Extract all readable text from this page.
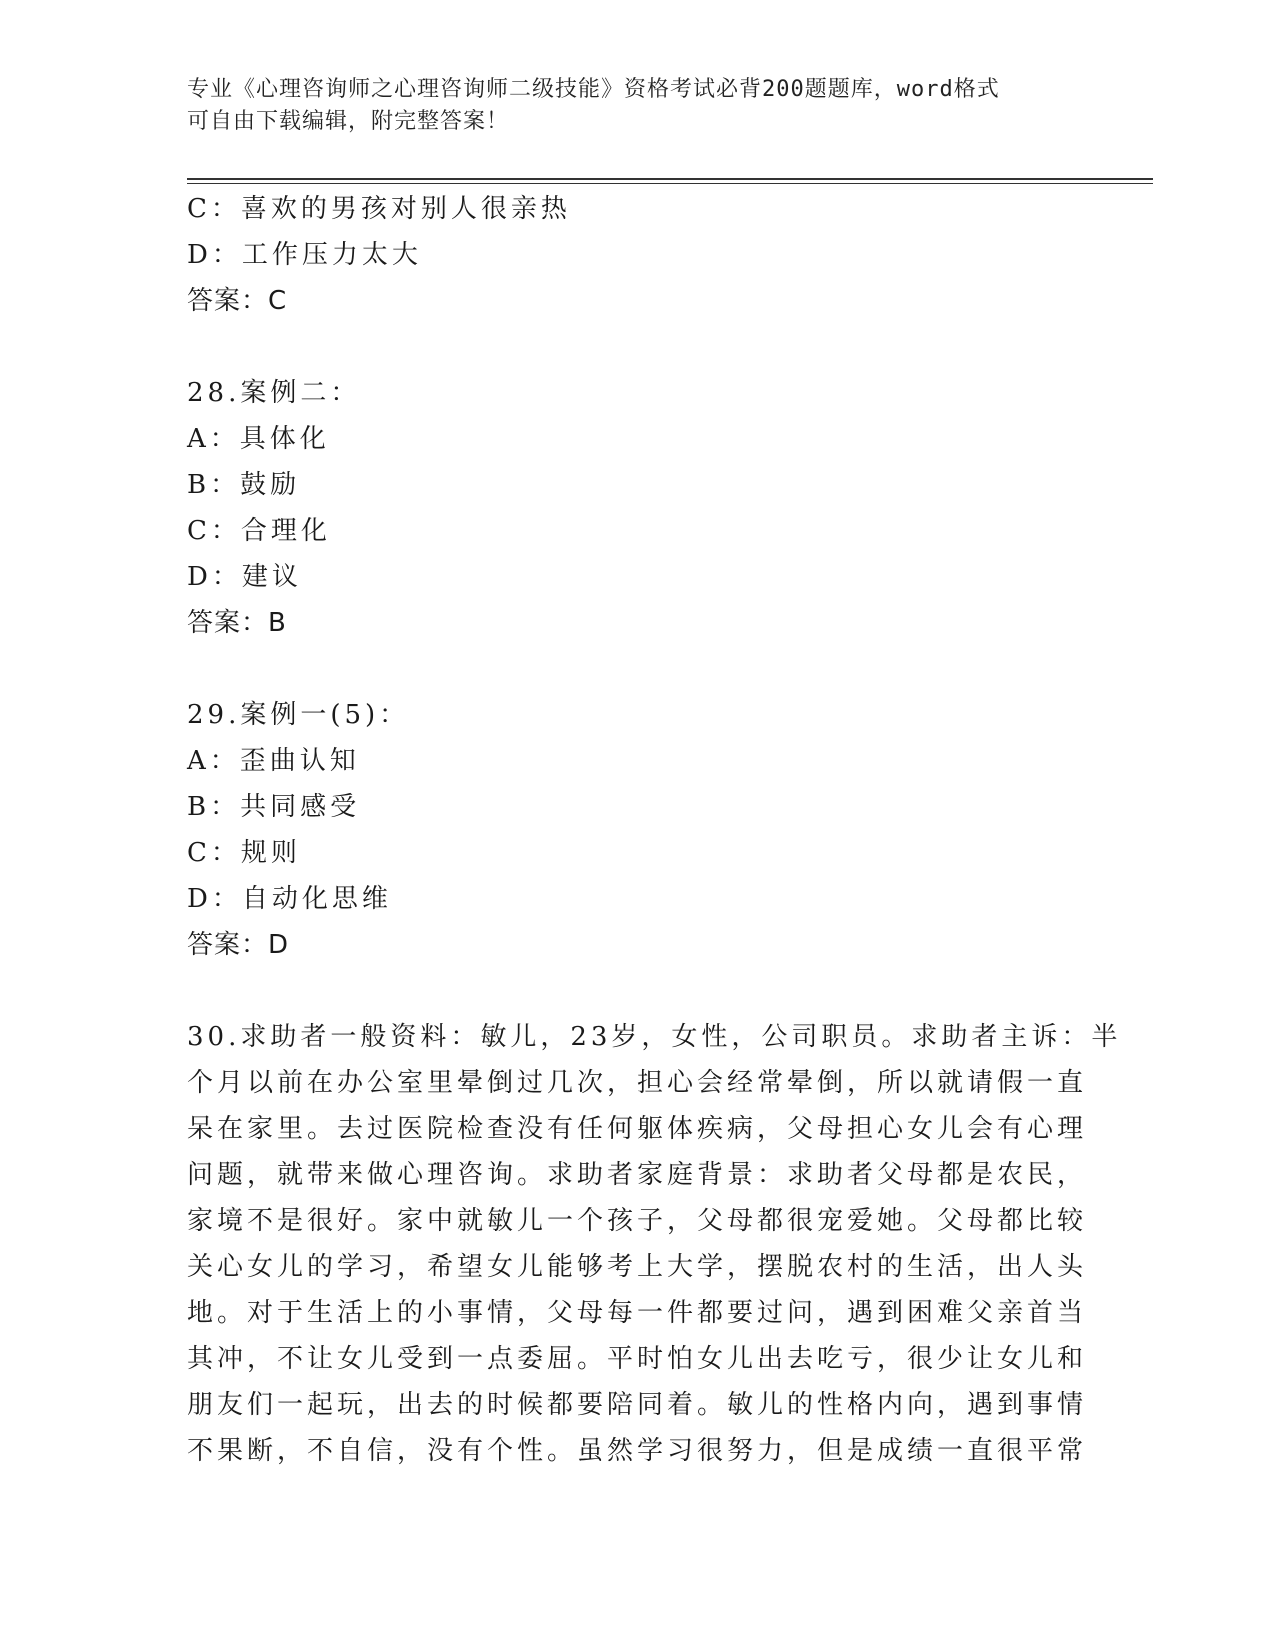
专业《心理咨询师之心理咨询师二级技能》资格考试必背200题题库，word格式
可自由下载编辑，附完整答案！
C：喜欢的男孩对别人很亲热
D：工作压力太大
答案：C
28.案例二：
A：具体化
B：鼓励
C：合理化
D：建议
答案：B
29.案例一(5)：
A：歪曲认知
B：共同感受
C：规则
D：自动化思维
答案：D
30.求助者一般资料：敏儿，23岁，女性，公司职员。求助者主诉：半
个月以前在办公室里晕倒过几次，担心会经常晕倒，所以就请假一直
呆在家里。去过医院检查没有任何躯体疾病，父母担心女儿会有心理
问题，就带来做心理咨询。求助者家庭背景：求助者父母都是农民，
家境不是很好。家中就敏儿一个孩子，父母都很宠爱她。父母都比较
关心女儿的学习，希望女儿能够考上大学，摆脱农村的生活，出人头
地。对于生活上的小事情，父母每一件都要过问，遇到困难父亲首当
其冲，不让女儿受到一点委屈。平时怕女儿出去吃亏，很少让女儿和
朋友们一起玩，出去的时候都要陪同着。敏儿的性格内向，遇到事情
不果断，不自信，没有个性。虽然学习很努力，但是成绩一直很平常
